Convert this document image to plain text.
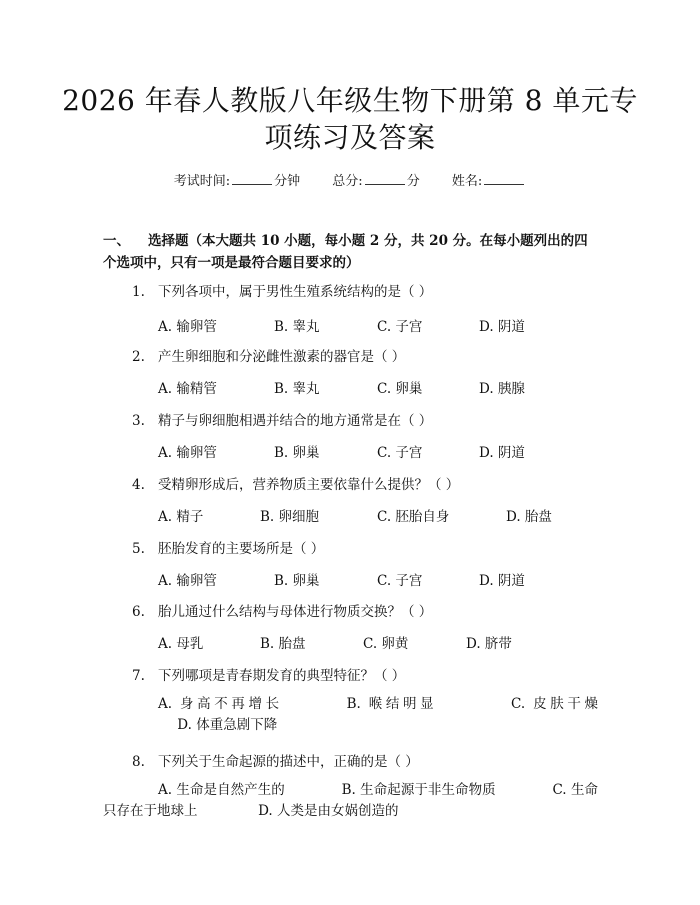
2026 年春人教版八年级生物下册第 8 单元专
项练习及答案
考试时间:	分钟 总分:	分 姓名:
一、 选择题（本大题共 10 小题，每小题 2 分，共 20 分。在每小题列出的四个选项中，只有一项是最符合题目要求的）
1. 下列各项中，属于男性生殖系统结构的是（ ）
A. 输卵管	B. 睾丸	C. 子宫	D. 阴道
2. 产生卵细胞和分泌雌性激素的器官是（ ）
A. 输精管	B. 睾丸	C. 卵巢	D. 胰腺
3. 精子与卵细胞相遇并结合的地方通常是在（ ）
A. 输卵管	B. 卵巢	C. 子宫	D. 阴道
4. 受精卵形成后，营养物质主要依靠什么提供？（ ）
A. 精子	B. 卵细胞	C. 胚胎自身	D. 胎盘
5. 胚胎发育的主要场所是（ ）
A. 输卵管	B. 卵巢	C. 子宫	D. 阴道
6. 胎儿通过什么结构与母体进行物质交换？（ ）
A. 母乳	B. 胎盘	C. 卵黄	D. 脐带
7. 下列哪项是青春期发育的典型特征？（ ）
A. 身高不再增长	B. 喉结明显	C. 皮肤干燥  D. 体重急剧下降
8. 下列关于生命起源的描述中，正确的是（ ）
A. 生命是自然产生的	B. 生命起源于非生命物质	C. 生命只存在于地球上	D. 人类是由女娲创造的
